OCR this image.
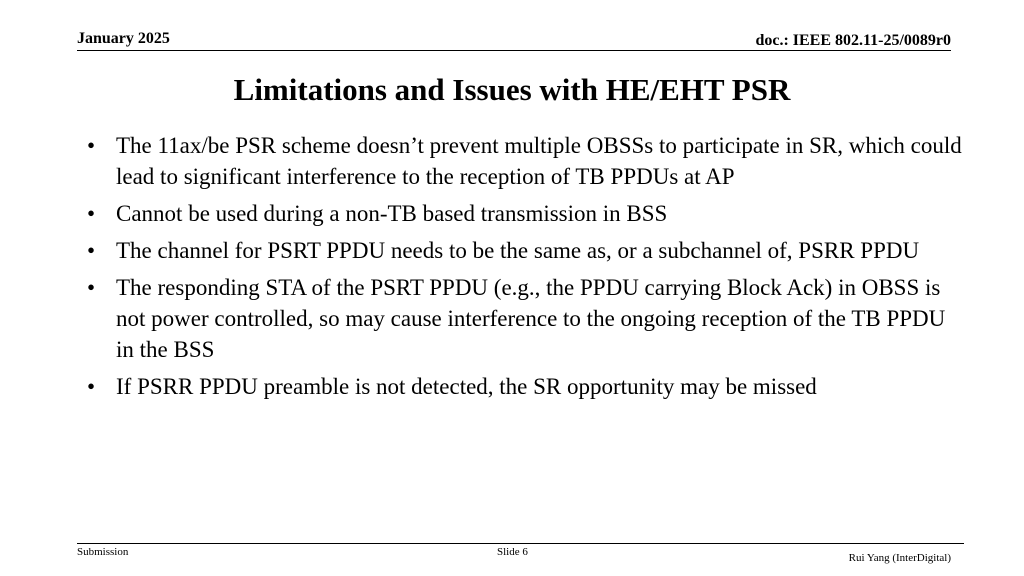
January 2025	doc.: IEEE 802.11-25/0089r0
Limitations and Issues with HE/EHT PSR
• The 11ax/be PSR scheme doesn’t prevent multiple OBSSs to participate in SR, which could lead to significant interference to the reception of TB PPDUs at AP
• Cannot be used during a non-TB based transmission in BSS
• The channel for PSRT PPDU needs to be the same as, or a subchannel of, PSRR PPDU
• The responding STA of the PSRT PPDU (e.g., the PPDU carrying Block Ack) in OBSS is not power controlled, so may cause interference to the ongoing reception of the TB PPDU in the BSS
• If PSRR PPDU preamble is not detected, the SR opportunity may be missed
Submission	Slide 6	Rui Yang (InterDigital)
